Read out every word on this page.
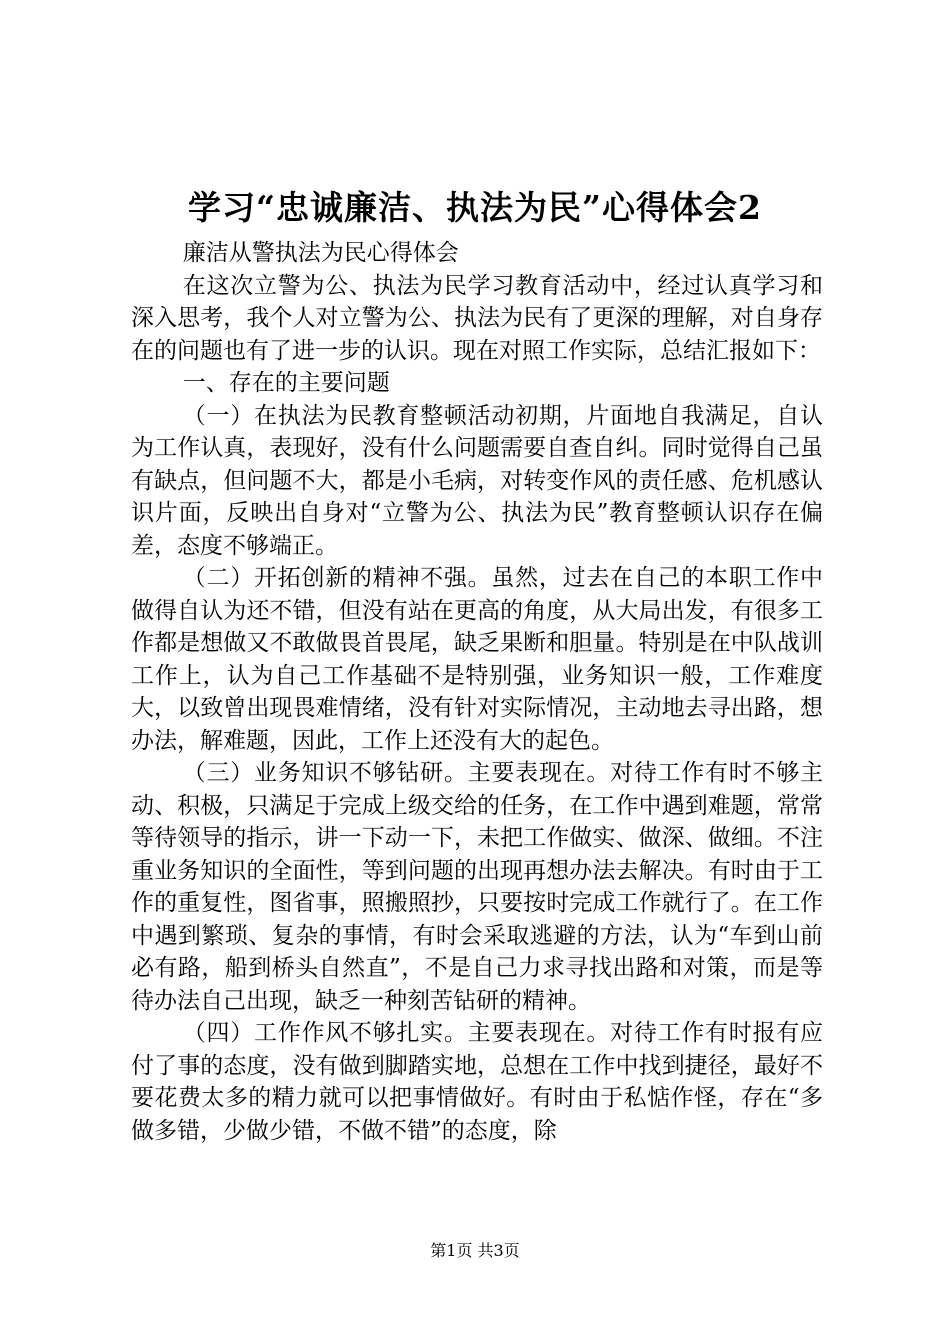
学习“忠诚廉洁、执法为民”心得体会2

廉洁从警执法为民心得体会

在这次立警为公、执法为民学习教育活动中，经过认真学习和深入思考，我个人对立警为公、执法为民有了更深的理解，对自身存在的问题也有了进一步的认识。现在对照工作实际，总结汇报如下：

一、存在的主要问题

（一）在执法为民教育整顿活动初期，片面地自我满足，自认为工作认真，表现好，没有什么问题需要自查自纠。同时觉得自己虽有缺点，但问题不大，都是小毛病，对转变作风的责任感、危机感认识片面，反映出自身对“立警为公、执法为民”教育整顿认识存在偏差，态度不够端正。

（二）开拓创新的精神不强。虽然，过去在自己的本职工作中做得自认为还不错，但没有站在更高的角度，从大局出发，有很多工作都是想做又不敢做畏首畏尾，缺乏果断和胆量。特别是在中队战训工作上，认为自己工作基础不是特别强，业务知识一般，工作难度大，以致曾出现畏难情绪，没有针对实际情况，主动地去寻出路，想办法，解难题，因此，工作上还没有大的起色。

（三）业务知识不够钻研。主要表现在。对待工作有时不够主动、积极，只满足于完成上级交给的任务，在工作中遇到难题，常常等待领导的指示，讲一下动一下，未把工作做实、做深、做细。不注重业务知识的全面性，等到问题的出现再想办法去解决。有时由于工作的重复性，图省事，照搬照抄，只要按时完成工作就行了。在工作中遇到繁琐、复杂的事情，有时会采取逃避的方法，认为“车到山前必有路，船到桥头自然直”，不是自己力求寻找出路和对策，而是等待办法自己出现，缺乏一种刻苦钻研的精神。

（四）工作作风不够扎实。主要表现在。对待工作有时报有应付了事的态度，没有做到脚踏实地，总想在工作中找到捷径，最好不要花费太多的精力就可以把事情做好。有时由于私惦作怪，存在“多做多错，少做少错，不做不错”的态度，除

第1页 共3页
